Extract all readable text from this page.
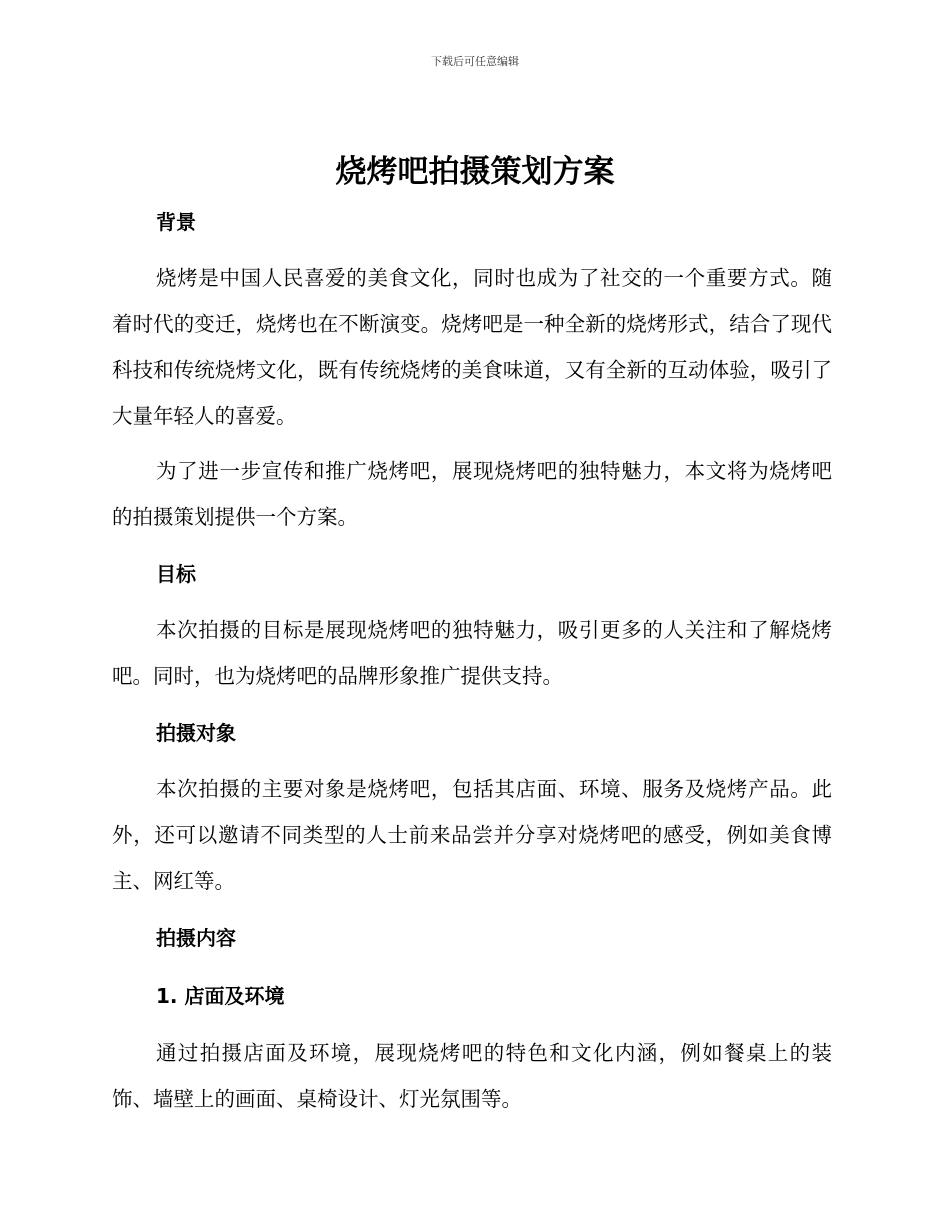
下载后可任意编辑
烧烤吧拍摄策划方案
背景

烧烤是中国人民喜爱的美食文化，同时也成为了社交的一个重要方式。随着时代的变迁，烧烤也在不断演变。烧烤吧是一种全新的烧烤形式，结合了现代科技和传统烧烤文化，既有传统烧烤的美食味道，又有全新的互动体验，吸引了大量年轻人的喜爱。

为了进一步宣传和推广烧烤吧，展现烧烤吧的独特魅力，本文将为烧烤吧的拍摄策划提供一个方案。

目标

本次拍摄的目标是展现烧烤吧的独特魅力，吸引更多的人关注和了解烧烤吧。同时，也为烧烤吧的品牌形象推广提供支持。

拍摄对象

本次拍摄的主要对象是烧烤吧，包括其店面、环境、服务及烧烤产品。此外，还可以邀请不同类型的人士前来品尝并分享对烧烤吧的感受，例如美食博主、网红等。

拍摄内容
1. 店面及环境

通过拍摄店面及环境，展现烧烤吧的特色和文化内涵，例如餐桌上的装饰、墙壁上的画面、桌椅设计、灯光氛围等。
